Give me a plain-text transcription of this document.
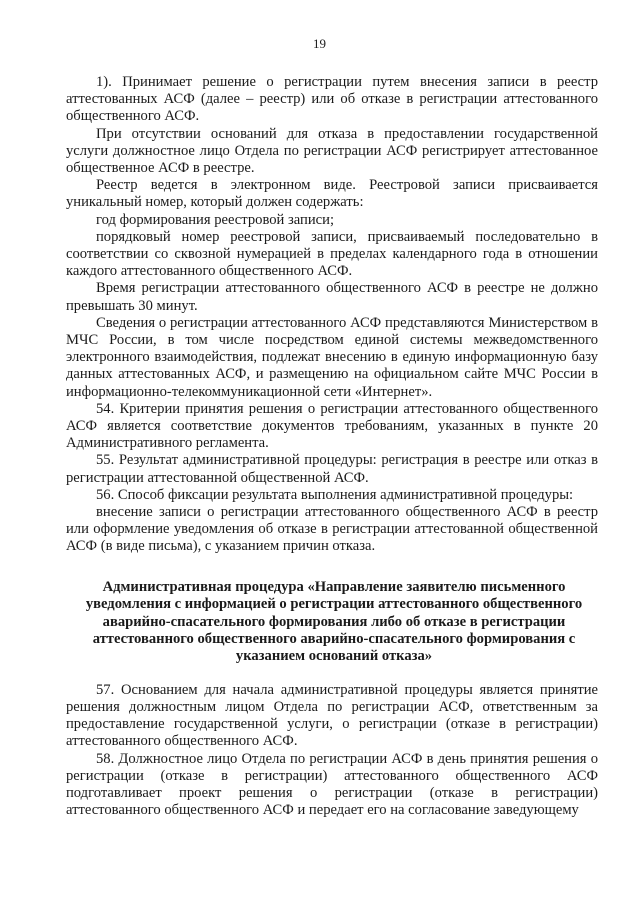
19

1). Принимает решение о регистрации путем внесения записи в реестр аттестованных АСФ (далее – реестр) или об отказе в регистрации аттестованного общественного АСФ.

При отсутствии оснований для отказа в предоставлении государственной услуги должностное лицо Отдела по регистрации АСФ регистрирует аттестованное общественное АСФ в реестре.

Реестр ведется в электронном виде. Реестровой записи присваивается уникальный номер, который должен содержать:

год формирования реестровой записи;

порядковый номер реестровой записи, присваиваемый последовательно в соответствии со сквозной нумерацией в пределах календарного года в отношении каждого аттестованного общественного АСФ.

Время регистрации аттестованного общественного АСФ в реестре не должно превышать 30 минут.

Сведения о регистрации аттестованного АСФ представляются Министерством в МЧС России, в том числе посредством единой системы межведомственного электронного взаимодействия, подлежат внесению в единую информационную базу данных аттестованных АСФ, и размещению на официальном сайте МЧС России в информационно-телекоммуникационной сети «Интернет».

54. Критерии принятия решения о регистрации аттестованного общественного АСФ является соответствие документов требованиям, указанных в пункте 20 Административного регламента.

55. Результат административной процедуры: регистрация в реестре или отказ в регистрации аттестованной общественной АСФ.

56. Способ фиксации результата выполнения административной процедуры:

внесение записи о регистрации аттестованного общественного АСФ в реестр или оформление уведомления об отказе в регистрации аттестованной общественной АСФ (в виде письма), с указанием причин отказа.

Административная процедура «Направление заявителю письменного уведомления с информацией о регистрации аттестованного общественного аварийно-спасательного формирования либо об отказе в регистрации аттестованного общественного аварийно-спасательного формирования с указанием оснований отказа»

57. Основанием для начала административной процедуры является принятие решения должностным лицом Отдела по регистрации АСФ, ответственным за предоставление государственной услуги, о регистрации (отказе в регистрации) аттестованного общественного АСФ.

58. Должностное лицо Отдела по регистрации АСФ в день принятия решения о регистрации (отказе в регистрации) аттестованного общественного АСФ подготавливает проект решения о регистрации (отказе в регистрации) аттестованного общественного АСФ и передает его на согласование заведующему
